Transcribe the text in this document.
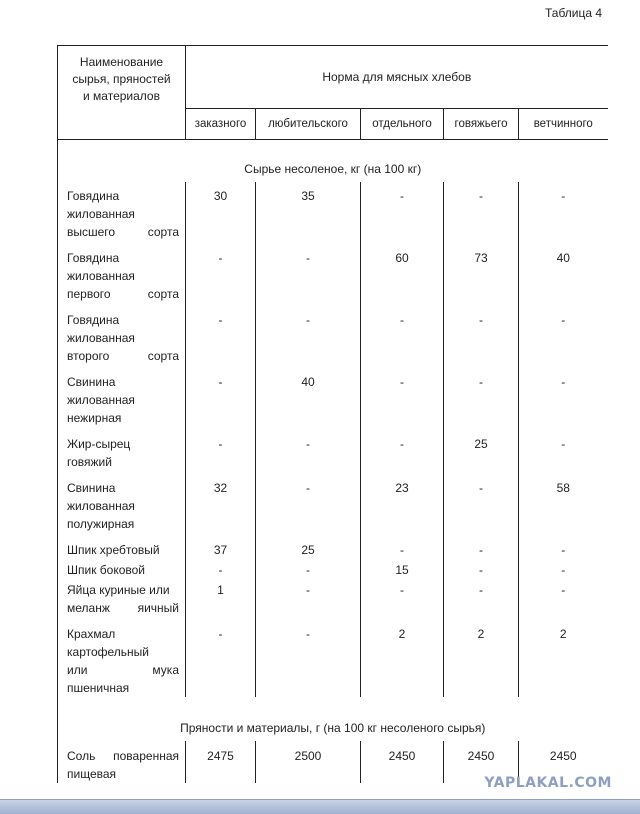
Таблица 4
Наименование
сырья, пряностей
и материалов	Норма для мясных хлебов				
	заказного	любительского	отдельного	говяжьего	ветчинного
Сырье несоленое, кг (на 100 кг)					

Говядина
жилованная
высшего сорта	30	35	-	-	-

Говядина
жилованная
первого сорта	-	-	60	73	40

Говядина
жилованная
второго сорта	-	-	-	-	-

Свинина
жилованная
нежирная	-	40	-	-	-

Жир-сырец
говяжий	-	-	-	25	-

Свинина
жилованная
полужирная	32	-	23	-	58

Шпик хребтовый	37	25	-	-	-

Шпик боковой	-	-	15	-	-

Яйца куриные или
меланж яичный	1	-	-	-	-

Крахмал
картофельный
или мука
пшеничная	-	-	2	2	2
Пряности и материалы, г (на 100 кг несоленого сырья)					

Соль поваренная
пищевая	2475	2500	2450	2450	2450
YAPLAKAL.COM
